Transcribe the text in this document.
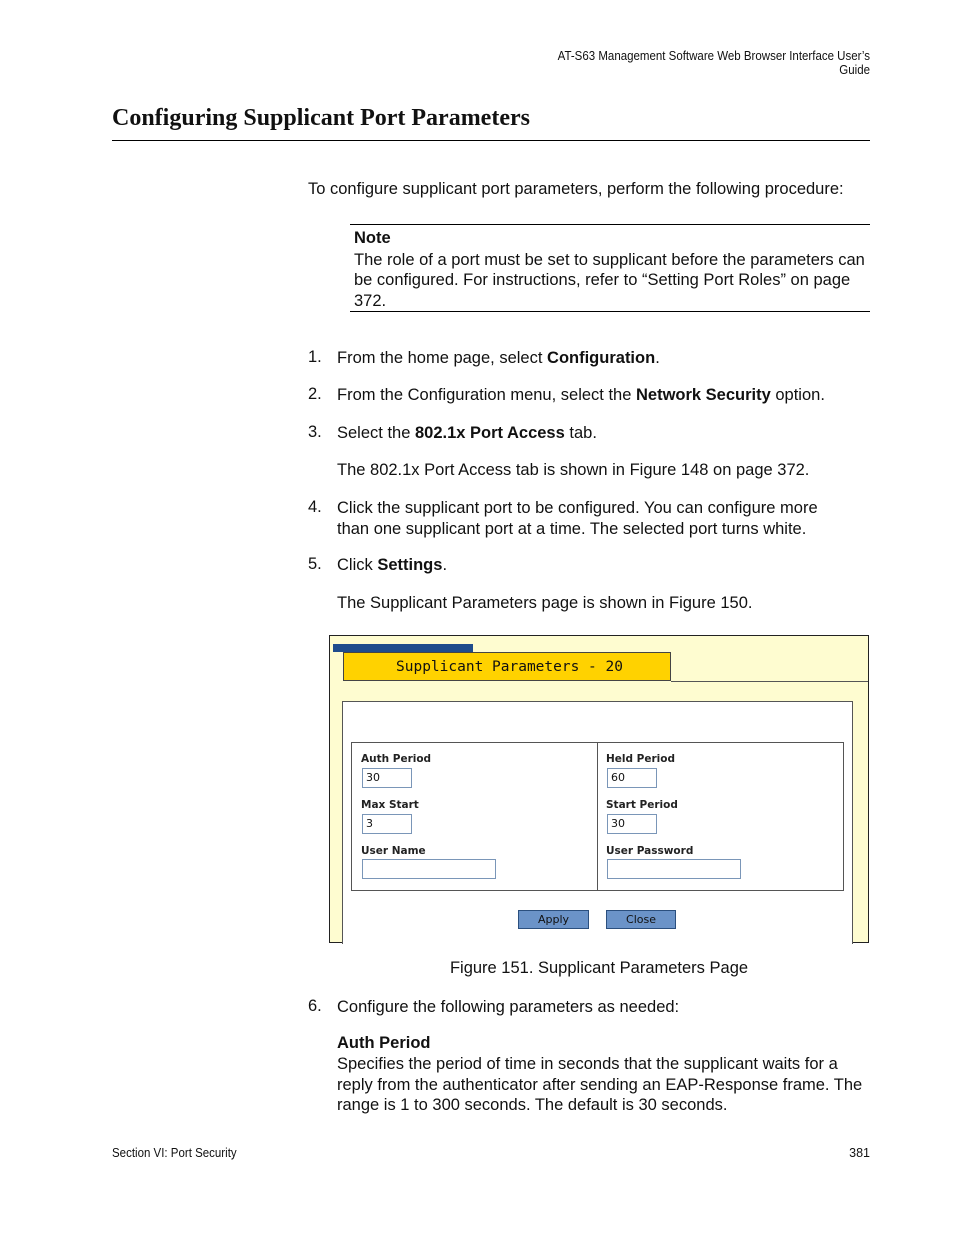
AT-S63 Management Software Web Browser Interface User’s Guide
Configuring Supplicant Port Parameters
To configure supplicant port parameters, perform the following procedure:
Note
The role of a port must be set to supplicant before the parameters can be configured. For instructions, refer to “Setting Port Roles” on page 372.
1. From the home page, select Configuration.
2. From the Configuration menu, select the Network Security option.
3. Select the 802.1x Port Access tab.
The 802.1x Port Access tab is shown in Figure 148 on page 372.
4. Click the supplicant port to be configured. You can configure more than one supplicant port at a time. The selected port turns white.
5. Click Settings.
The Supplicant Parameters page is shown in Figure 150.
Supplicant Parameters - 20
Auth Period
30
Max Start
3
User Name
Held Period
60
Start Period
30
User Password
Apply	Close
Figure 151. Supplicant Parameters Page
6. Configure the following parameters as needed:
Auth Period
Specifies the period of time in seconds that the supplicant waits for a reply from the authenticator after sending an EAP-Response frame. The range is 1 to 300 seconds. The default is 30 seconds.
Section VI: Port Security	381
